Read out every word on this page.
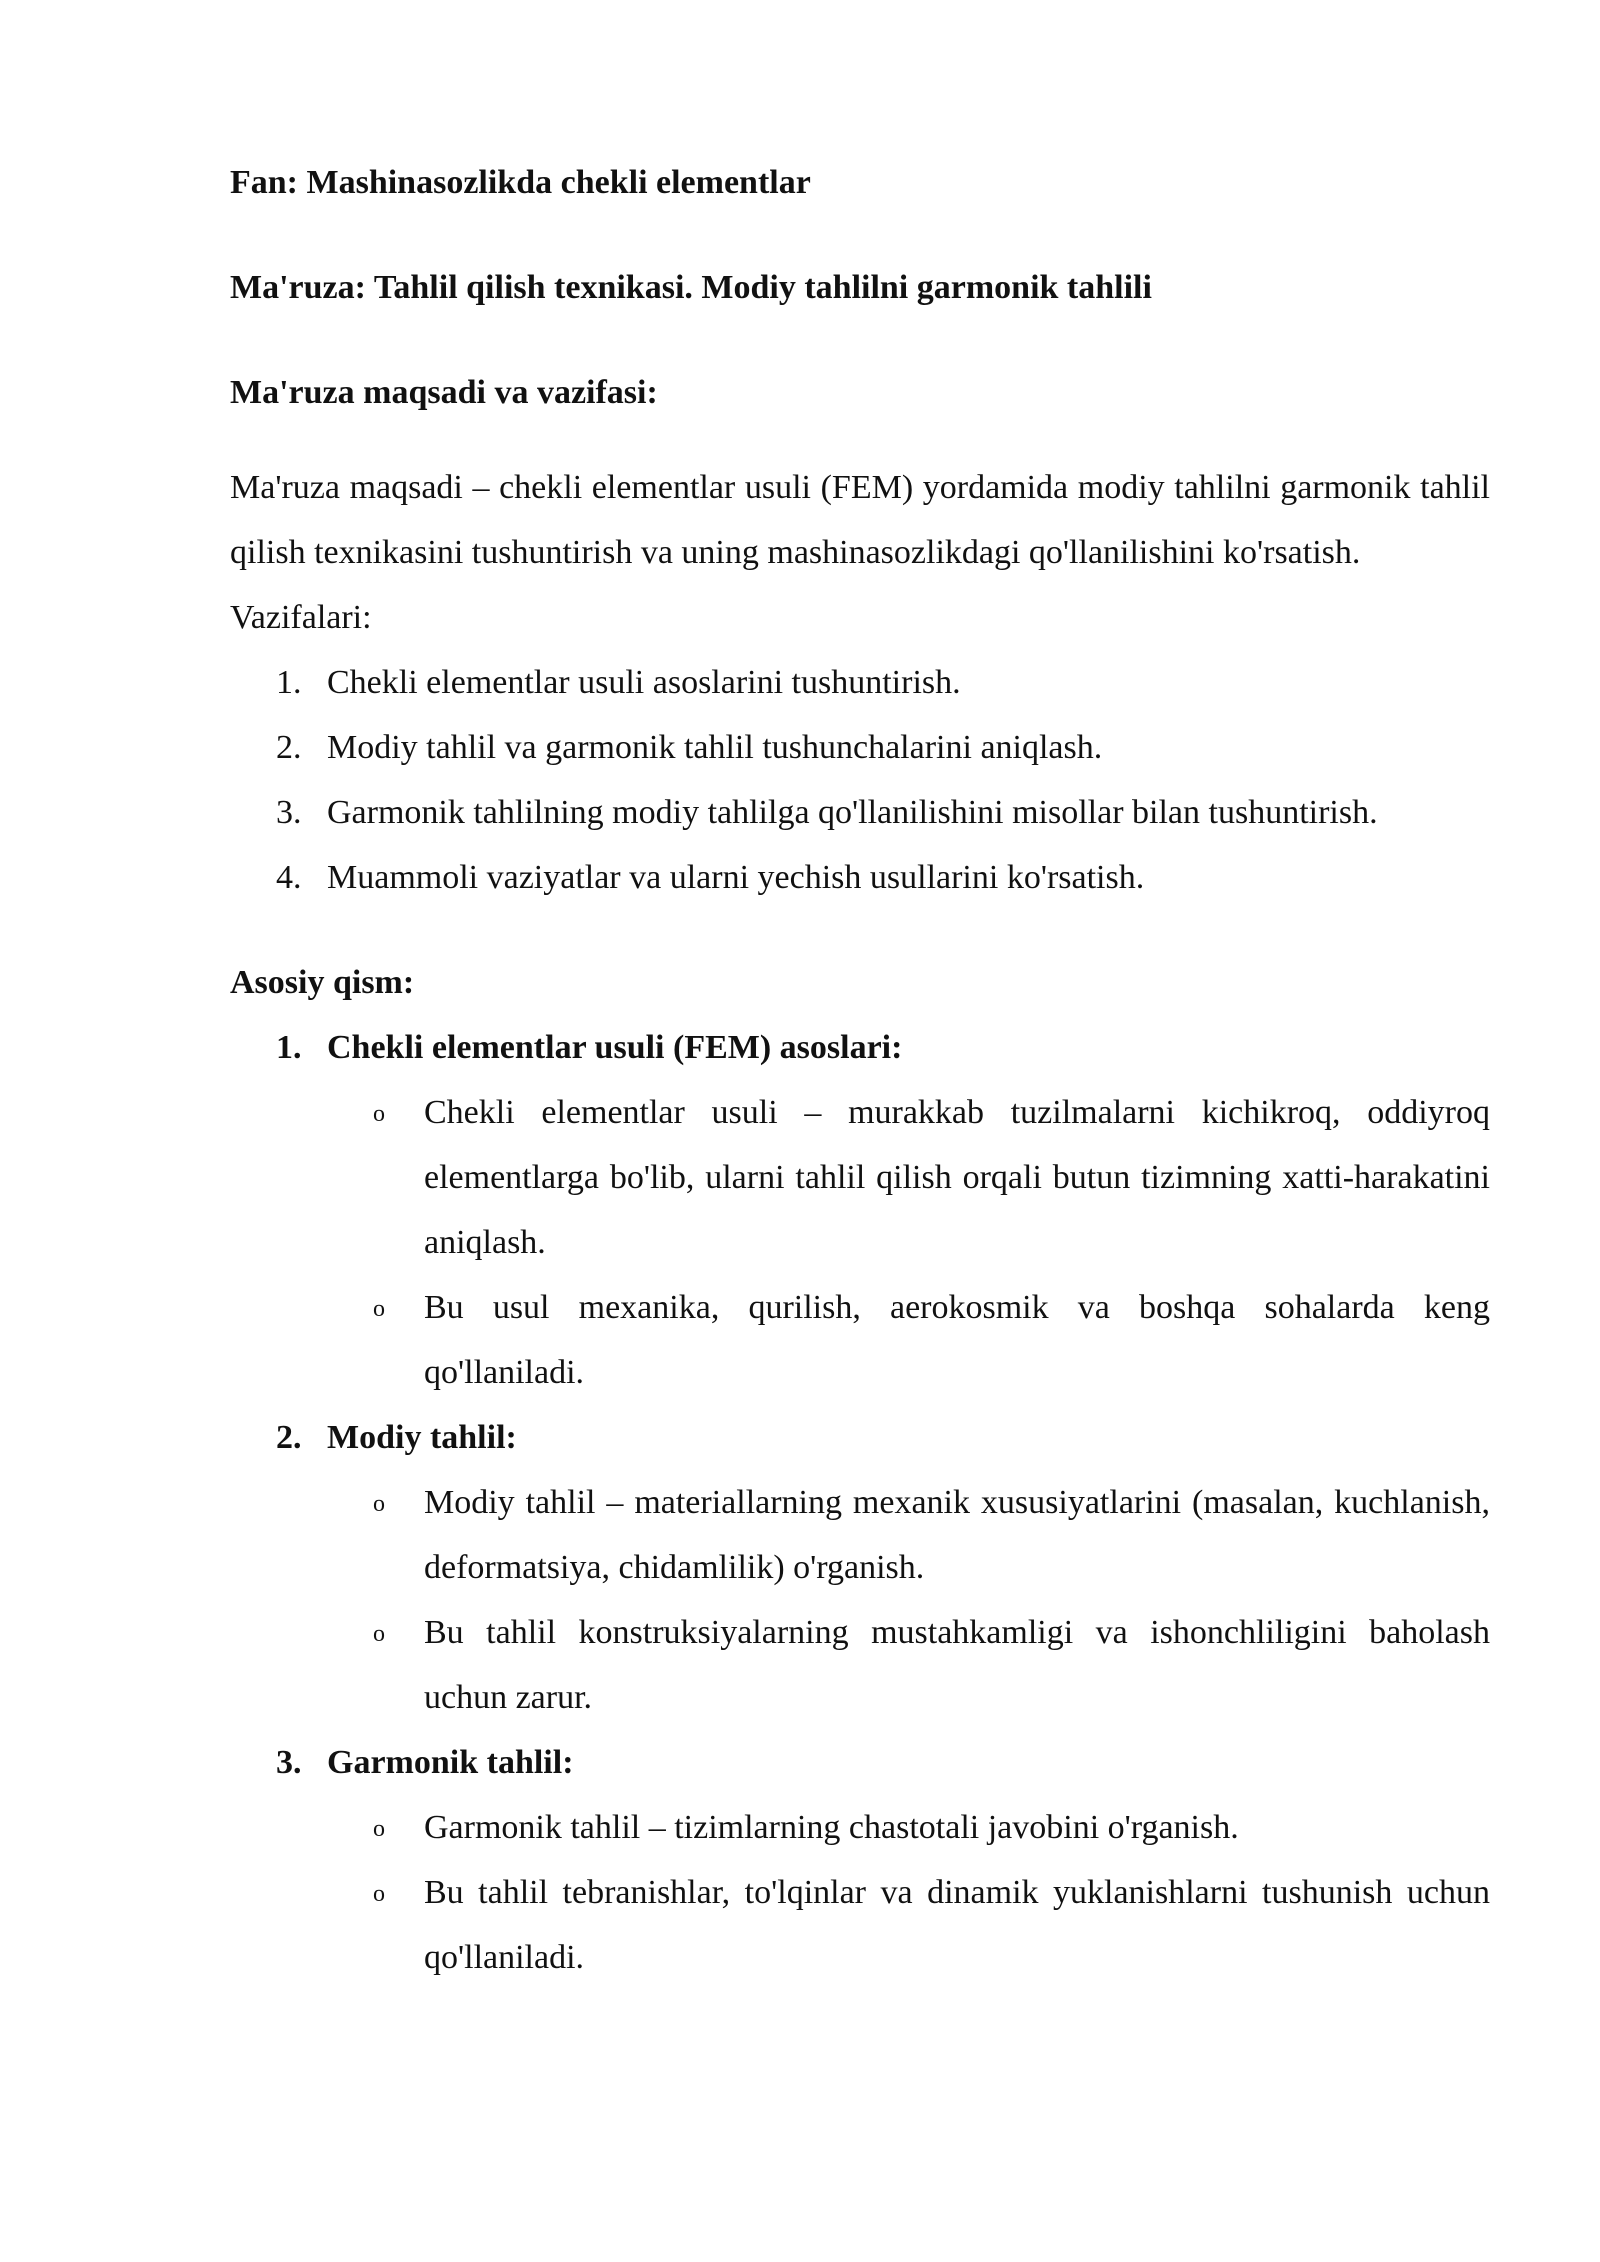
Fan: Mashinasozlikda chekli elementlar

Ma'ruza: Tahlil qilish texnikasi. Modiy tahlilni garmonik tahlili

Ma'ruza maqsadi va vazifasi:

Ma'ruza maqsadi – chekli elementlar usuli (FEM) yordamida modiy tahlilni garmonik tahlil qilish texnikasini tushuntirish va uning mashinasozlikdagi qo'llanilishini ko'rsatish.

Vazifalari:

1. Chekli elementlar usuli asoslarini tushuntirish.
2. Modiy tahlil va garmonik tahlil tushunchalarini aniqlash.
3. Garmonik tahlilning modiy tahlilga qo'llanilishini misollar bilan tushuntirish.
4. Muammoli vaziyatlar va ularni yechish usullarini ko'rsatish.

Asosiy qism:

1. Chekli elementlar usuli (FEM) asoslari:
o Chekli elementlar usuli – murakkab tuzilmalarni kichikroq, oddiyroq elementlarga bo'lib, ularni tahlil qilish orqali butun tizimning xatti-harakatini aniqlash.
o Bu usul mexanika, qurilish, aerokosmik va boshqa sohalarda keng qo'llaniladi.
2. Modiy tahlil:
o Modiy tahlil – materiallarning mexanik xususiyatlarini (masalan, kuchlanish, deformatsiya, chidamlilik) o'rganish.
o Bu tahlil konstruksiyalarning mustahkamligi va ishonchliligini baholash uchun zarur.
3. Garmonik tahlil:
o Garmonik tahlil – tizimlarning chastotali javobini o'rganish.
o Bu tahlil tebranishlar, to'lqinlar va dinamik yuklanishlarni tushunish uchun qo'llaniladi.
